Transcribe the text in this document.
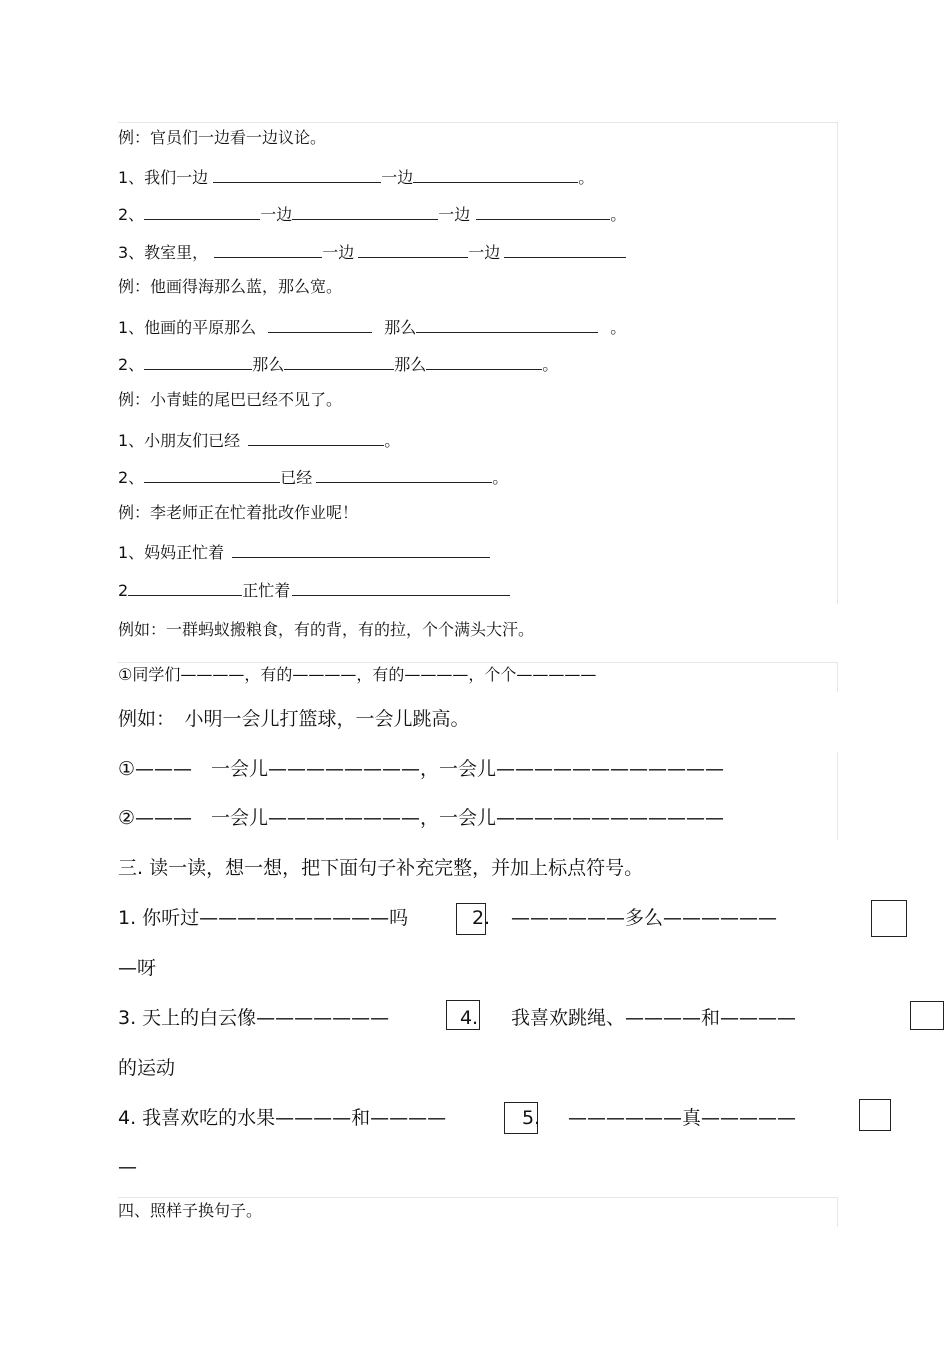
例：官员们一边看一边议论。
1、我们一边	一边	。
2、	一边	一边	。
3、教室里，	一边	一边
例：他画得海那么蓝，那么宽。
1、他画的平原那么	那么	。
2、	那么	那么	。
例：小青蛙的尾巴已经不见了。
1、小朋友们已经	。
2、	已经	。
例：李老师正在忙着批改作业呢！
1、妈妈正忙着
2	正忙着
例如：一群蚂蚁搬粮食，有的背，有的拉，个个满头大汗。
①同学们————，有的————，有的————，个个—————
例如：　小明一会儿打篮球，一会儿跳高。
①———　一会儿————————，一会儿————————————
②———　一会儿————————，一会儿————————————
三. 读一读，想一想，把下面句子补充完整，并加上标点符号。
1. 你听过——————————吗	2 . ——————多么——————
—呀
3. 天上的白云像———————	4 . 我喜欢跳绳、————和————
的运动
4. 我喜欢吃的水果————和————	5 . ——————真—————
—
四、照样子换句子。
